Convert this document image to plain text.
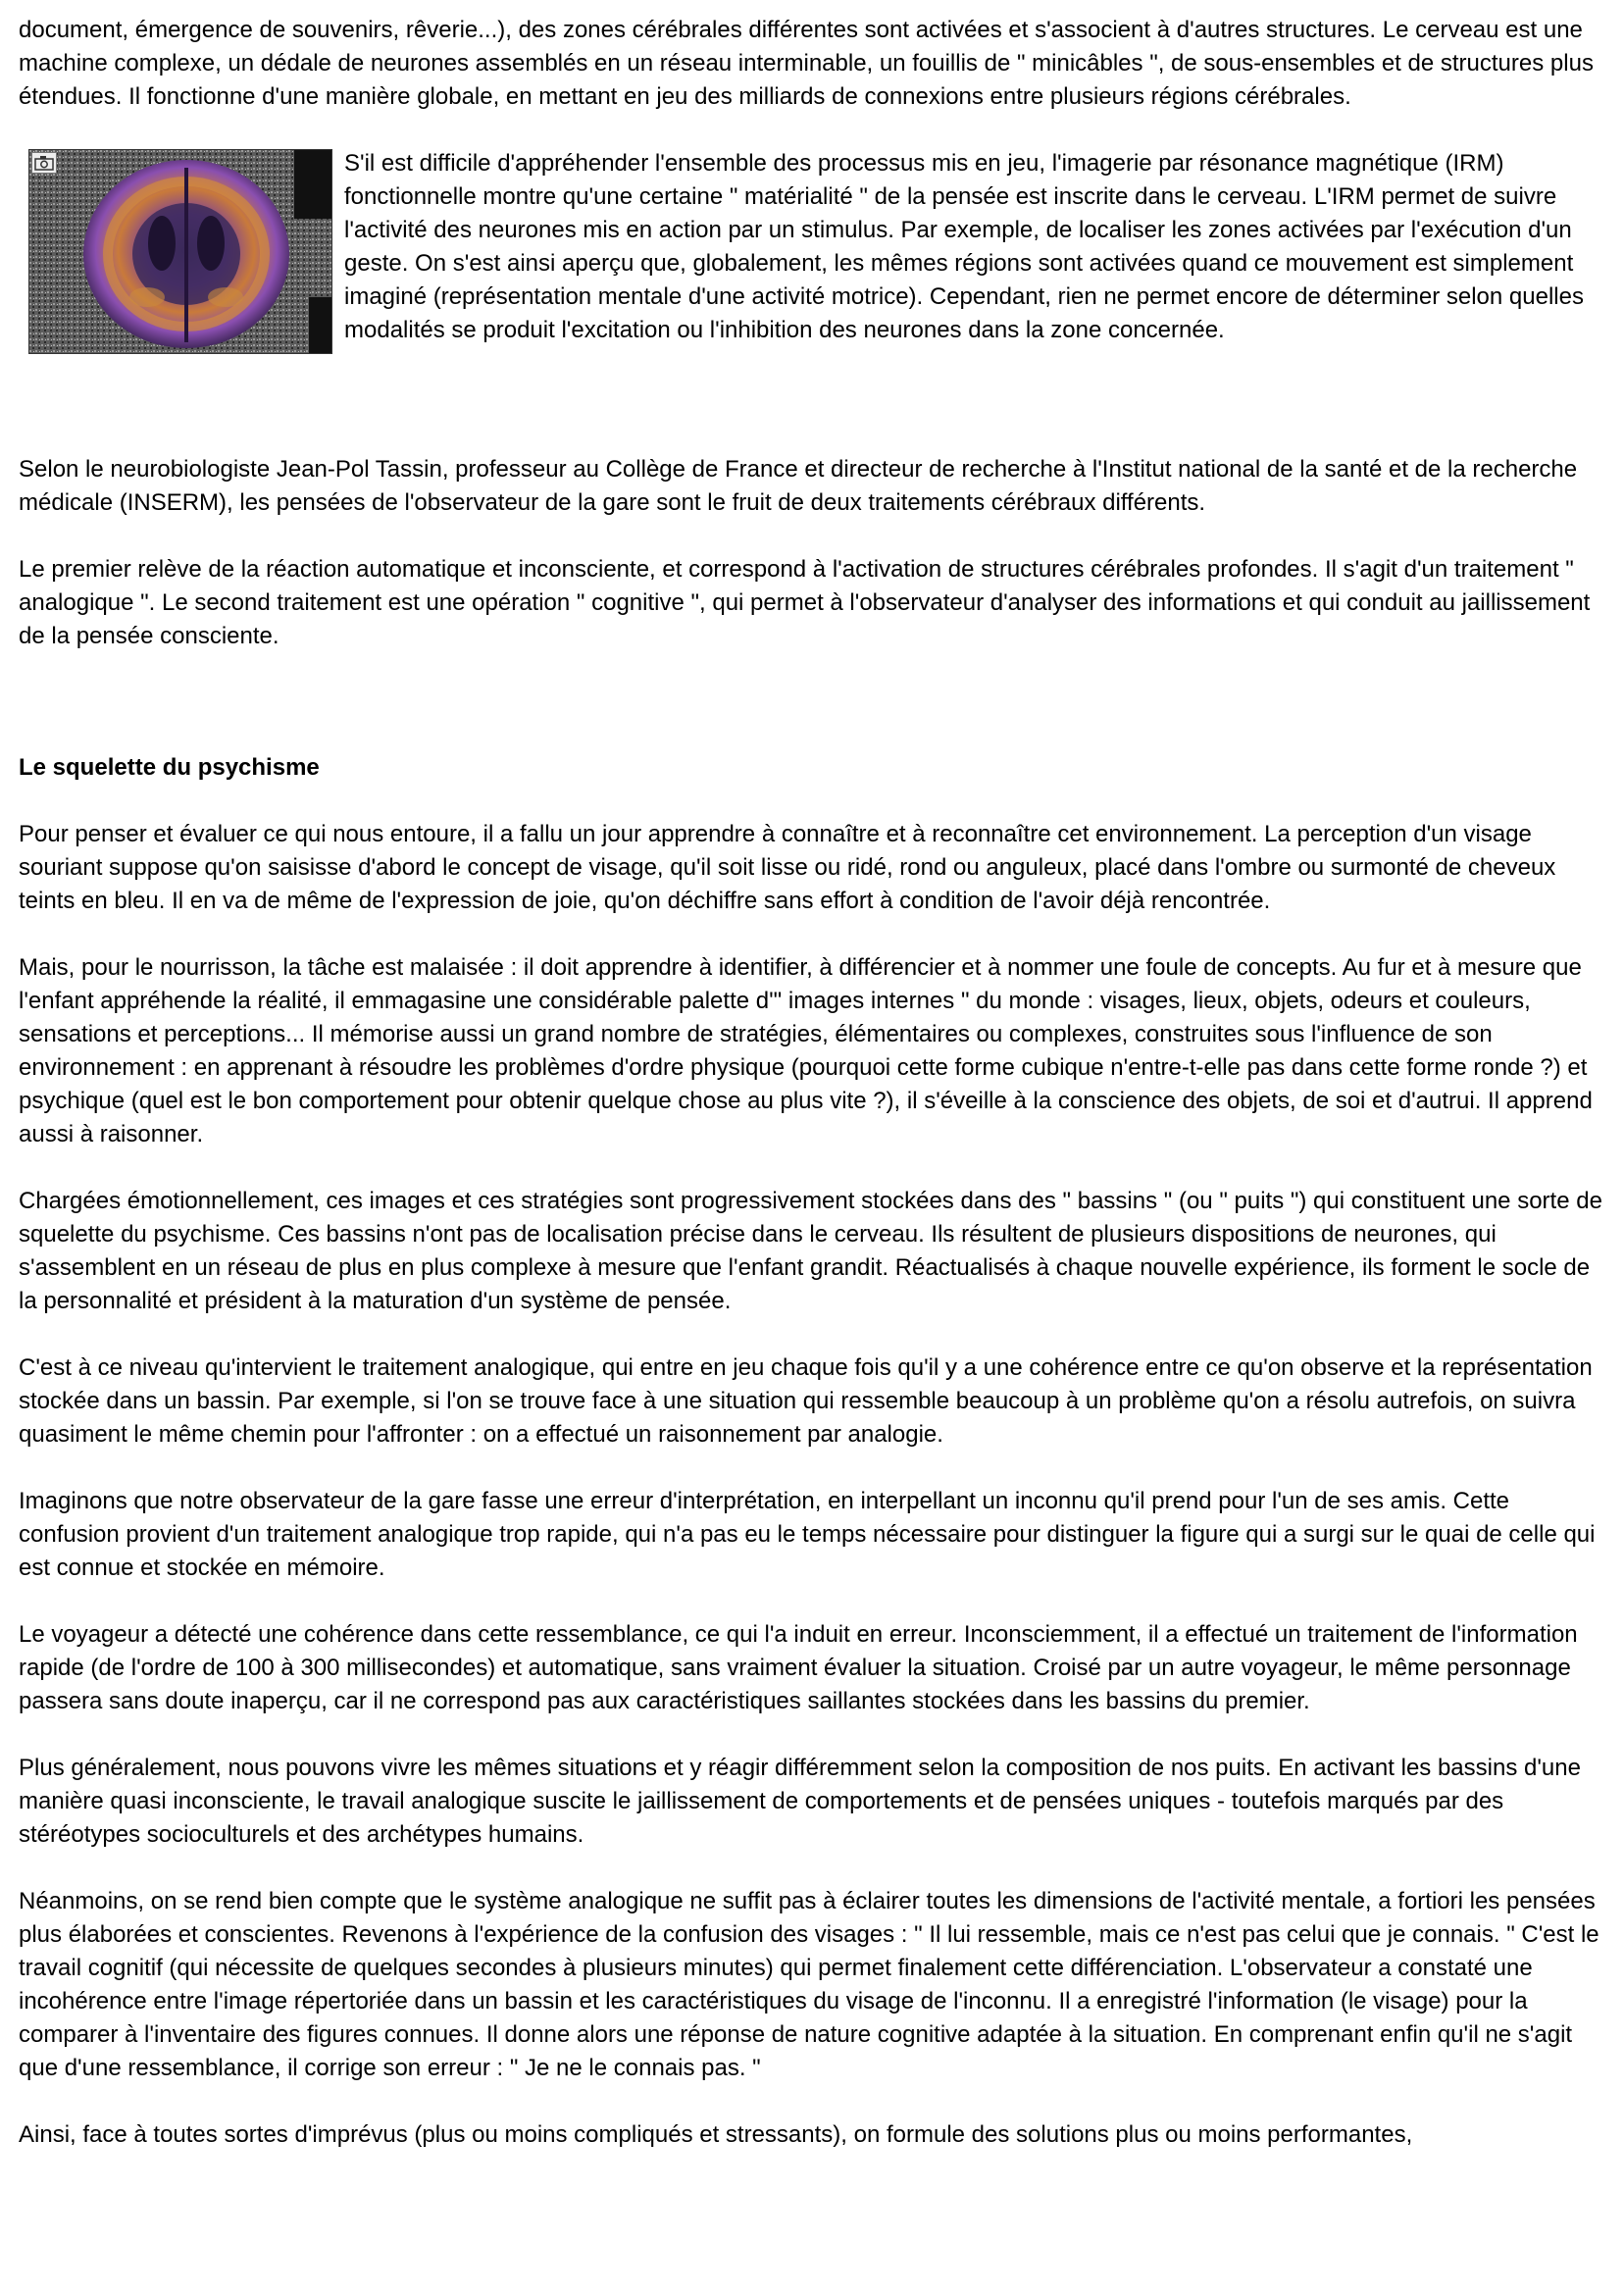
document, émergence de souvenirs, rêverie...), des zones cérébrales différentes sont activées et s'associent à d'autres structures. Le cerveau est une machine complexe, un dédale de neurones assemblés en un réseau interminable, un fouillis de " minicâbles ", de sous-ensembles et de structures plus étendues. Il fonctionne d'une manière globale, en mettant en jeu des milliards de connexions entre plusieurs régions cérébrales.

S'il est difficile d'appréhender l'ensemble des processus mis en jeu, l'imagerie par résonance magnétique (IRM) fonctionnelle montre qu'une certaine " matérialité " de la pensée est inscrite dans le cerveau. L'IRM permet de suivre l'activité des neurones mis en action par un stimulus. Par exemple, de localiser les zones activées par l'exécution d'un geste. On s'est ainsi aperçu que, globalement, les mêmes régions sont activées quand ce mouvement est simplement imaginé (représentation mentale d'une activité motrice). Cependant, rien ne permet encore de déterminer selon quelles modalités se produit l'excitation ou l'inhibition des neurones dans la zone concernée.

Selon le neurobiologiste Jean-Pol Tassin, professeur au Collège de France et directeur de recherche à l'Institut national de la santé et de la recherche médicale (INSERM), les pensées de l'observateur de la gare sont le fruit de deux traitements cérébraux différents.

Le premier relève de la réaction automatique et inconsciente, et correspond à l'activation de structures cérébrales profondes. Il s'agit d'un traitement " analogique ". Le second traitement est une opération " cognitive ", qui permet à l'observateur d'analyser des informations et qui conduit au jaillissement de la pensée consciente.

Le squelette du psychisme

Pour penser et évaluer ce qui nous entoure, il a fallu un jour apprendre à connaître et à reconnaître cet environnement. La perception d'un visage souriant suppose qu'on saisisse d'abord le concept de visage, qu'il soit lisse ou ridé, rond ou anguleux, placé dans l'ombre ou surmonté de cheveux teints en bleu. Il en va de même de l'expression de joie, qu'on déchiffre sans effort à condition de l'avoir déjà rencontrée.

Mais, pour le nourrisson, la tâche est malaisée : il doit apprendre à identifier, à différencier et à nommer une foule de concepts. Au fur et à mesure que l'enfant appréhende la réalité, il emmagasine une considérable palette d'" images internes " du monde : visages, lieux, objets, odeurs et couleurs, sensations et perceptions... Il mémorise aussi un grand nombre de stratégies, élémentaires ou complexes, construites sous l'influence de son environnement : en apprenant à résoudre les problèmes d'ordre physique (pourquoi cette forme cubique n'entre-t-elle pas dans cette forme ronde ?) et psychique (quel est le bon comportement pour obtenir quelque chose au plus vite ?), il s'éveille à la conscience des objets, de soi et d'autrui. Il apprend aussi à raisonner.

Chargées émotionnellement, ces images et ces stratégies sont progressivement stockées dans des " bassins " (ou " puits ") qui constituent une sorte de squelette du psychisme. Ces bassins n'ont pas de localisation précise dans le cerveau. Ils résultent de plusieurs dispositions de neurones, qui s'assemblent en un réseau de plus en plus complexe à mesure que l'enfant grandit. Réactualisés à chaque nouvelle expérience, ils forment le socle de la personnalité et président à la maturation d'un système de pensée.

C'est à ce niveau qu'intervient le traitement analogique, qui entre en jeu chaque fois qu'il y a une cohérence entre ce qu'on observe et la représentation stockée dans un bassin. Par exemple, si l'on se trouve face à une situation qui ressemble beaucoup à un problème qu'on a résolu autrefois, on suivra quasiment le même chemin pour l'affronter : on a effectué un raisonnement par analogie.

Imaginons que notre observateur de la gare fasse une erreur d'interprétation, en interpellant un inconnu qu'il prend pour l'un de ses amis. Cette confusion provient d'un traitement analogique trop rapide, qui n'a pas eu le temps nécessaire pour distinguer la figure qui a surgi sur le quai de celle qui est connue et stockée en mémoire.

Le voyageur a détecté une cohérence dans cette ressemblance, ce qui l'a induit en erreur. Inconsciemment, il a effectué un traitement de l'information rapide (de l'ordre de 100 à 300 millisecondes) et automatique, sans vraiment évaluer la situation. Croisé par un autre voyageur, le même personnage passera sans doute inaperçu, car il ne correspond pas aux caractéristiques saillantes stockées dans les bassins du premier.

Plus généralement, nous pouvons vivre les mêmes situations et y réagir différemment selon la composition de nos puits. En activant les bassins d'une manière quasi inconsciente, le travail analogique suscite le jaillissement de comportements et de pensées uniques - toutefois marqués par des stéréotypes socioculturels et des archétypes humains.

Néanmoins, on se rend bien compte que le système analogique ne suffit pas à éclairer toutes les dimensions de l'activité mentale, a fortiori les pensées plus élaborées et conscientes. Revenons à l'expérience de la confusion des visages : " Il lui ressemble, mais ce n'est pas celui que je connais. " C'est le travail cognitif (qui nécessite de quelques secondes à plusieurs minutes) qui permet finalement cette différenciation. L'observateur a constaté une incohérence entre l'image répertoriée dans un bassin et les caractéristiques du visage de l'inconnu. Il a enregistré l'information (le visage) pour la comparer à l'inventaire des figures connues. Il donne alors une réponse de nature cognitive adaptée à la situation. En comprenant enfin qu'il ne s'agit que d'une ressemblance, il corrige son erreur : " Je ne le connais pas. "

Ainsi, face à toutes sortes d'imprévus (plus ou moins compliqués et stressants), on formule des solutions plus ou moins performantes,
